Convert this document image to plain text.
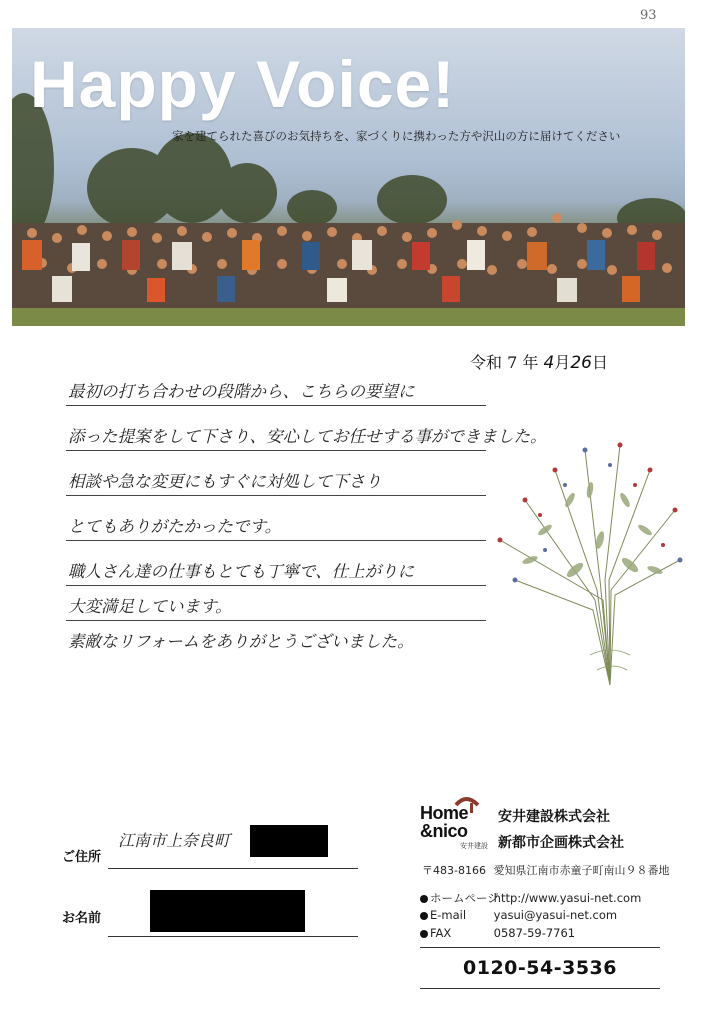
93
Happy Voice!
家を建てられた喜びのお気持ちを、家づくりに携わった方や沢山の方に届けてください
令和 7 年 4月26日
最初の打ち合わせの段階から、こちらの要望に
添った提案をして下さり、安心してお任せする事ができました。
相談や急な変更にもすぐに対処して下さり
とてもありがたかったです。
職人さん達の仕事もとても丁寧で、仕上がりに
大変満足しています。
素敵なリフォームをありがとうございました。
ご住所
江南市上奈良町
お名前
Home
&nico
安井建設
安井建設株式会社
新都市企画株式会社
〒483-8166 愛知県江南市赤童子町南山９８番地
ホームページ http://www.yasui-net.com
E-mail yasui@yasui-net.com
FAX	0587-59-7761
0120-54-3536
